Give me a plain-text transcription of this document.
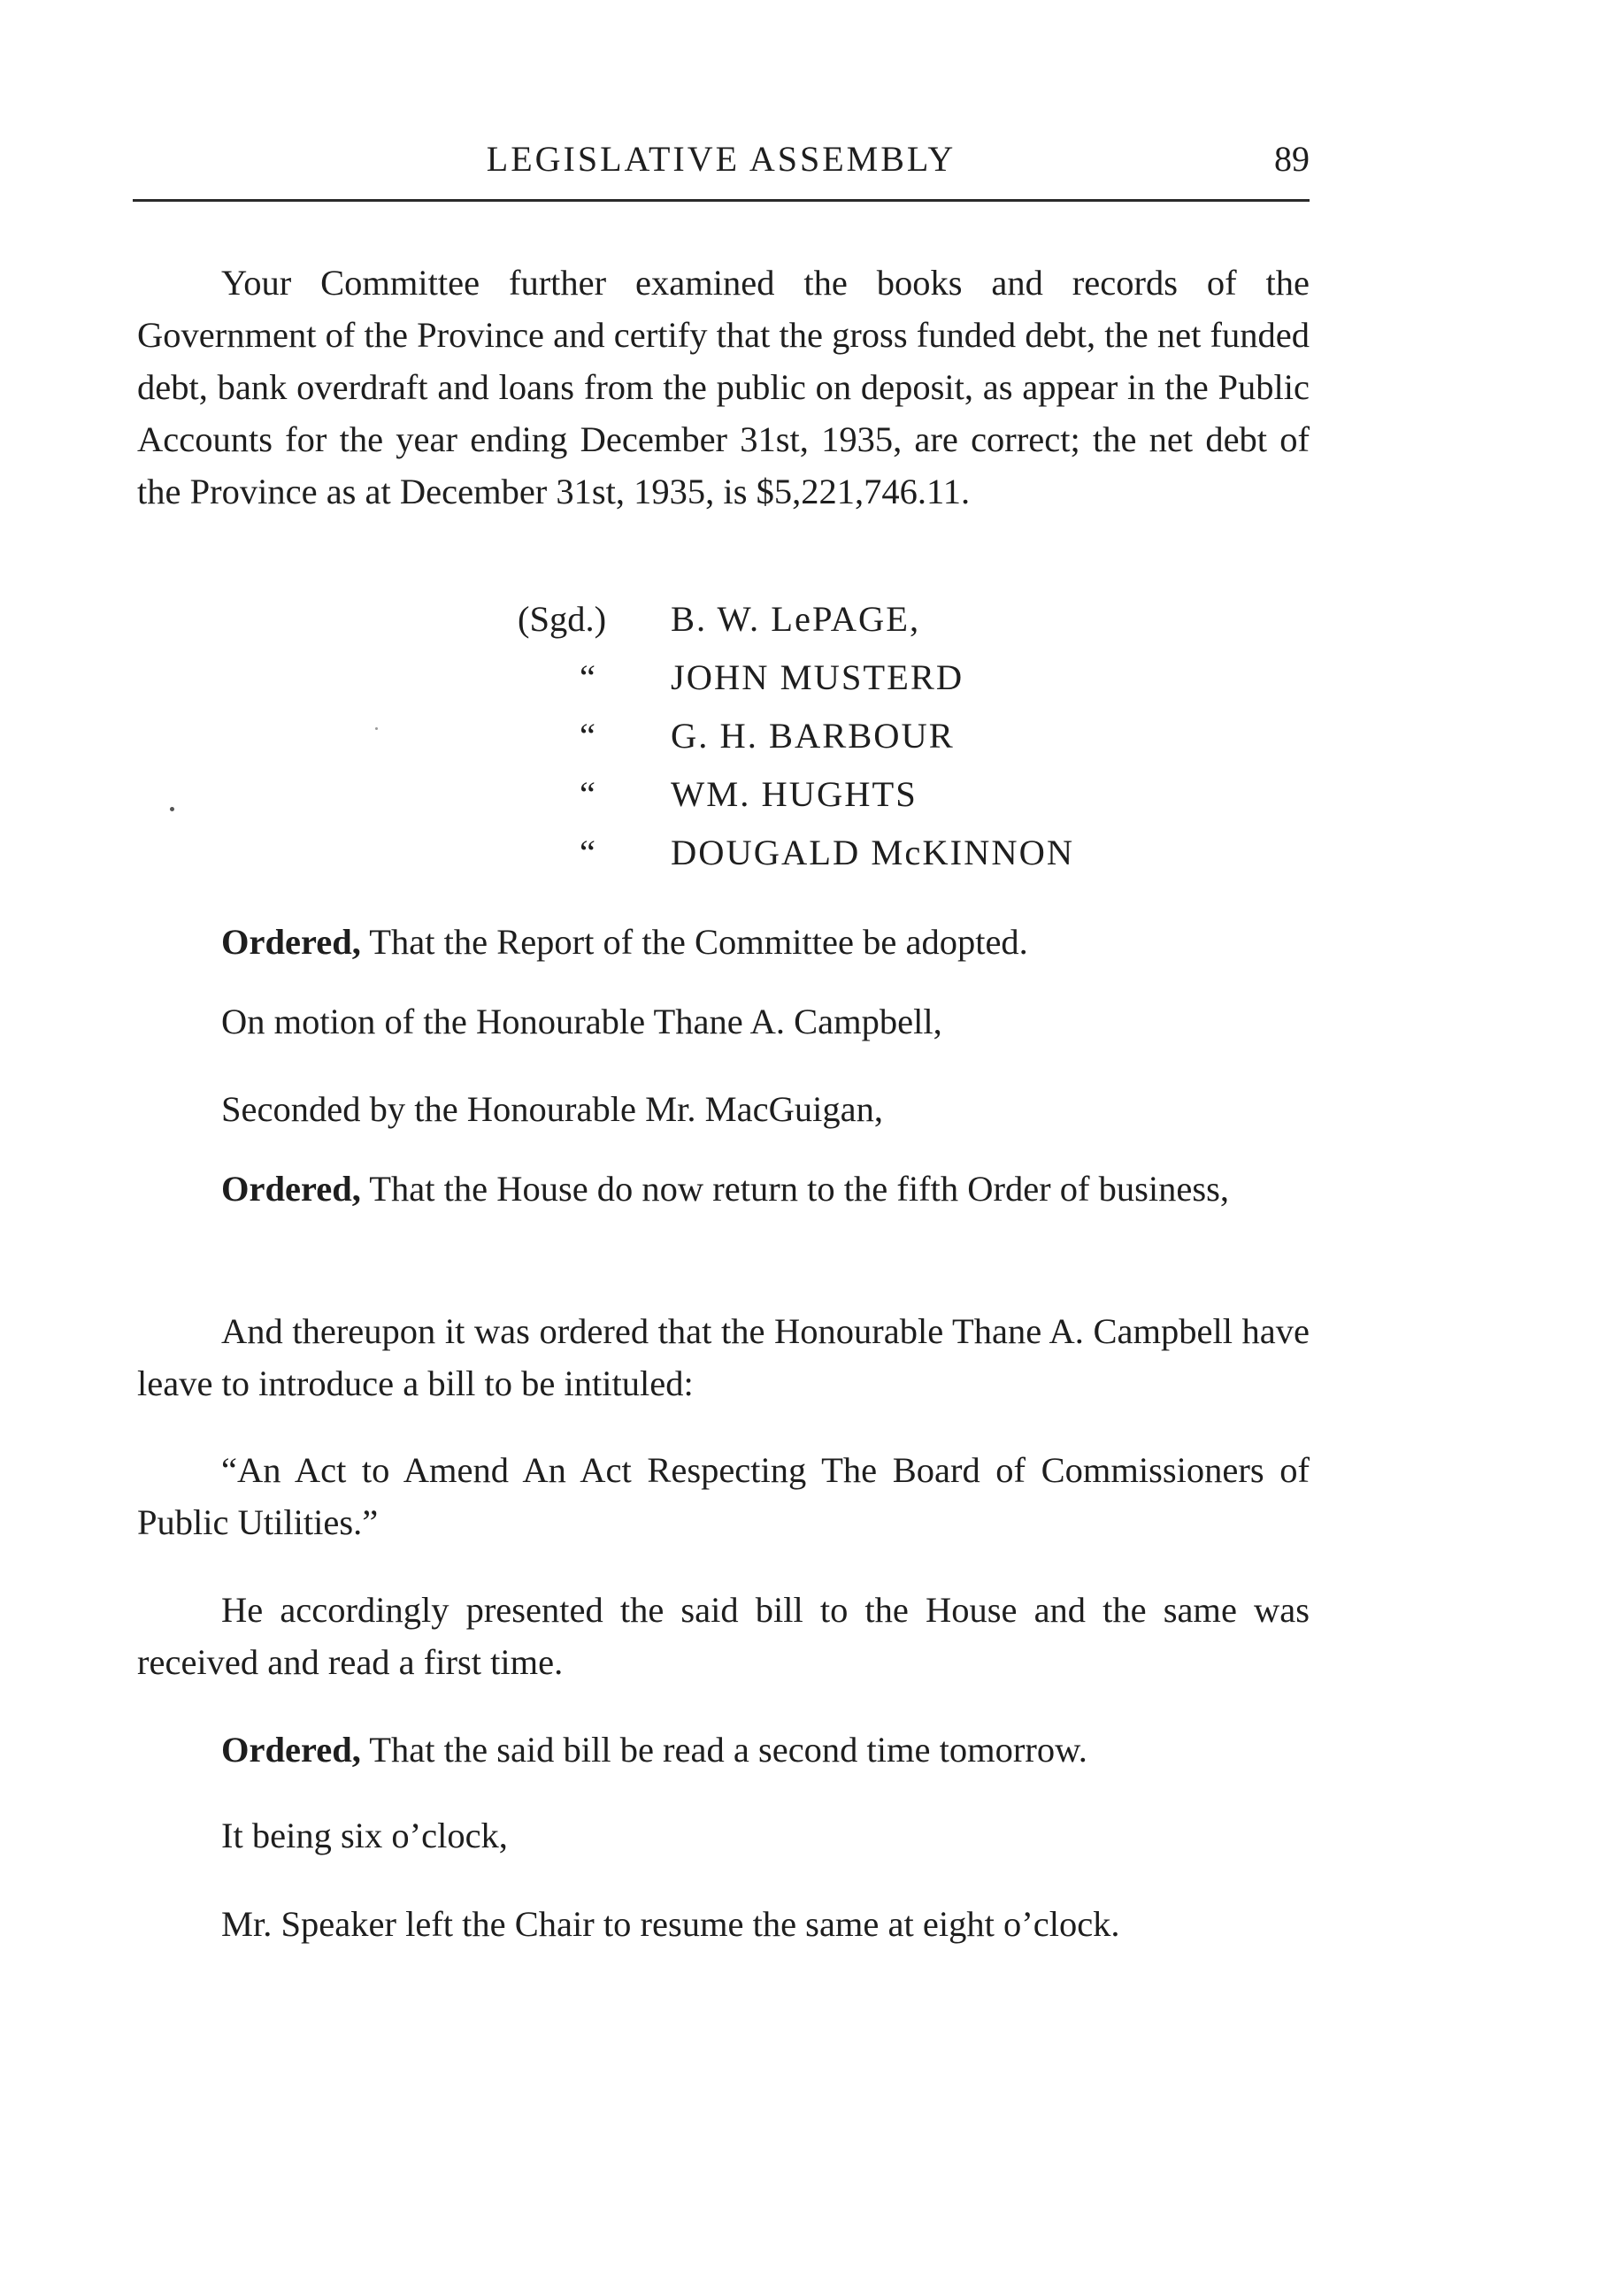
LEGISLATIVE ASSEMBLY	89
Your Committee further examined the books and records of the Government of the Province and certify that the gross funded debt, the net funded debt, bank overdraft and loans from the public on deposit, as appear in the Public Accounts for the year ending December 31st, 1935, are correct; the net debt of the Province as at December 31st, 1935, is $5,221,746.11.
(Sgd.) B. W. LePAGE,
“ JOHN MUSTERD
“ G. H. BARBOUR
“ WM. HUGHTS
“ DOUGALD McKINNON
Ordered, That the Report of the Committee be adopted.
On motion of the Honourable Thane A. Campbell,
Seconded by the Honourable Mr. MacGuigan,
Ordered, That the House do now return to the fifth Order of business,
And thereupon it was ordered that the Honourable Thane A. Campbell have leave to introduce a bill to be intituled:
“An Act to Amend An Act Respecting The Board of Commissioners of Public Utilities.”
He accordingly presented the said bill to the House and the same was received and read a first time.
Ordered, That the said bill be read a second time tomorrow.
It being six o’clock,
Mr. Speaker left the Chair to resume the same at eight o’clock.
